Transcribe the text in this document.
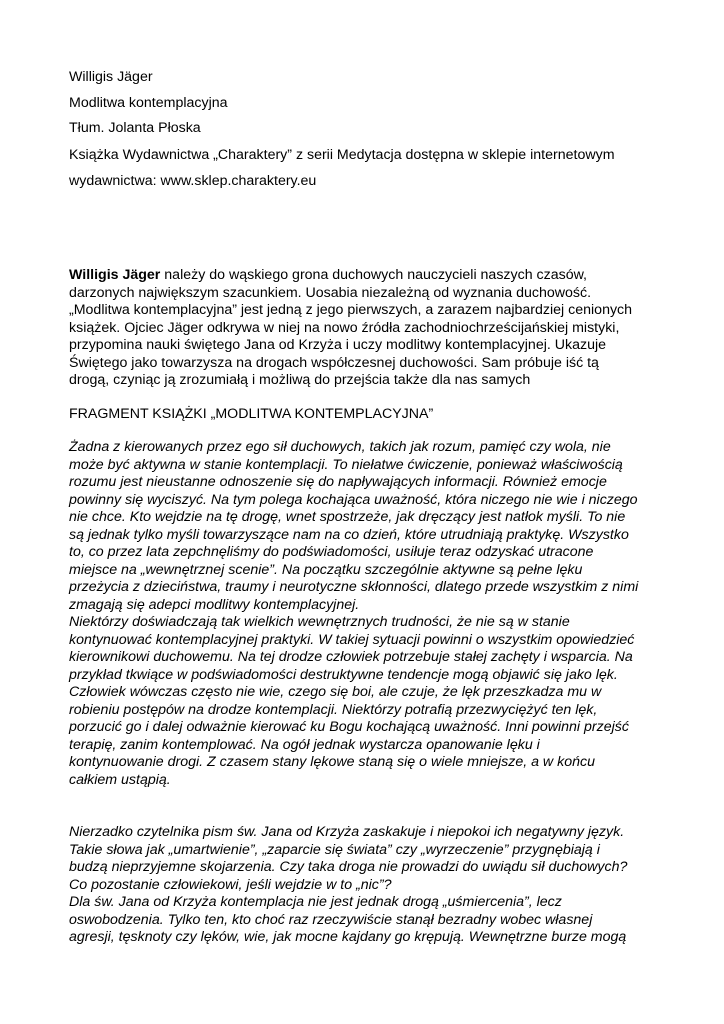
Willigis Jäger
Modlitwa kontemplacyjna
Tłum. Jolanta Płoska
Książka Wydawnictwa „Charaktery” z serii Medytacja dostępna w sklepie internetowym
wydawnictwa: www.sklep.charaktery.eu
Willigis Jäger należy do wąskiego grona duchowych nauczycieli naszych czasów,
darzonych największym szacunkiem. Uosabia niezależną od wyznania duchowość.
„Modlitwa kontemplacyjna” jest jedną z jego pierwszych, a zarazem najbardziej cenionych
książek. Ojciec Jäger odkrywa w niej na nowo źródła zachodniochrześcijańskiej mistyki,
przypomina nauki świętego Jana od Krzyża i uczy modlitwy kontemplacyjnej. Ukazuje
Świętego jako towarzysza na drogach współczesnej duchowości. Sam próbuje iść tą
drogą, czyniąc ją zrozumiałą i możliwą do przejścia także dla nas samych
FRAGMENT KSIĄŻKI „MODLITWA KONTEMPLACYJNA”
Żadna z kierowanych przez ego sił duchowych, takich jak rozum, pamięć czy wola, nie
może być aktywna w stanie kontemplacji. To niełatwe ćwiczenie, ponieważ właściwością
rozumu jest nieustanne odnoszenie się do napływających informacji. Również emocje
powinny się wyciszyć. Na tym polega kochająca uważność, która niczego nie wie i niczego
nie chce. Kto wejdzie na tę drogę, wnet spostrzeże, jak dręczący jest natłok myśli. To nie
są jednak tylko myśli towarzyszące nam na co dzień, które utrudniają praktykę. Wszystko
to, co przez lata zepchnęliśmy do podświadomości, usiłuje teraz odzyskać utracone
miejsce na „wewnętrznej scenie”. Na początku szczególnie aktywne są pełne lęku
przeżycia z dzieciństwa, traumy i neurotyczne skłonności, dlatego przede wszystkim z nimi
zmagają się adepci modlitwy kontemplacyjnej.
Niektórzy doświadczają tak wielkich wewnętrznych trudności, że nie są w stanie
kontynuować kontemplacyjnej praktyki. W takiej sytuacji powinni o wszystkim opowiedzieć
kierownikowi duchowemu. Na tej drodze człowiek potrzebuje stałej zachęty i wsparcia. Na
przykład tkwiące w podświadomości destruktywne tendencje mogą objawić się jako lęk.
Człowiek wówczas często nie wie, czego się boi, ale czuje, że lęk przeszkadza mu w
robieniu postępów na drodze kontemplacji. Niektórzy potrafią przezwyciężyć ten lęk,
porzucić go i dalej odważnie kierować ku Bogu kochającą uważność. Inni powinni przejść
terapię, zanim kontemplować. Na ogół jednak wystarcza opanowanie lęku i
kontynuowanie drogi. Z czasem stany lękowe staną się o wiele mniejsze, a w końcu
całkiem ustąpią.
Nierzadko czytelnika pism św. Jana od Krzyża zaskakuje i niepokoi ich negatywny język.
Takie słowa jak „umartwienie”, „zaparcie się świata” czy „wyrzeczenie” przygnębiają i
budzą nieprzyjemne skojarzenia. Czy taka droga nie prowadzi do uwiądu sił duchowych?
Co pozostanie człowiekowi, jeśli wejdzie w to „nic”?
Dla św. Jana od Krzyża kontemplacja nie jest jednak drogą „uśmiercenia”, lecz
oswobodzenia. Tylko ten, kto choć raz rzeczywiście stanął bezradny wobec własnej
agresji, tęsknoty czy lęków, wie, jak mocne kajdany go krępują. Wewnętrzne burze mogą
